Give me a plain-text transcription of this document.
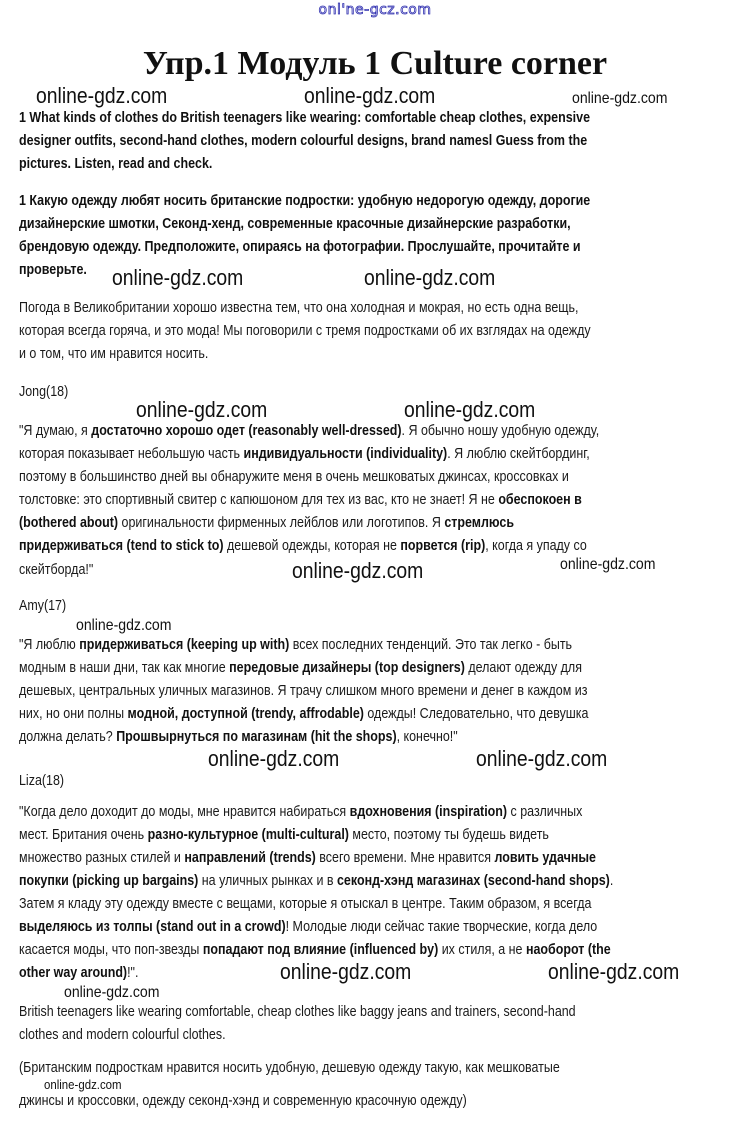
onl'ne-gcz.com
Упр.1 Модуль 1 Culture corner
online-gdz.com	online-gdz.com	online-gdz.com
1 What kinds of clothes do British teenagers like wearing: comfortable cheap clothes, expensive
designer outfits, second-hand clothes, modern colourful designs, brand namesl Guess from the
pictures. Listen, read and check.
1 Какую одежду любят носить британские подростки: удобную недорогую одежду, дорогие
дизайнерские шмотки, Секонд-хенд, современные красочные дизайнерские разработки,
брендовую одежду. Предположите, опираясь на фотографии. Прослушайте, прочитайте и
проверьте. online-gdz.com	online-gdz.com
Погода в Великобритании хорошо известна тем, что она холодная и мокрая, но есть одна вещь,
которая всегда горяча, и это мода! Мы поговорили с тремя подростками об их взглядах на одежду
и о том, что им нравится носить.
Jong(18)
online-gdz.com	online-gdz.com
"Я думаю, я достаточно хорошо одет (reasonably well-dressed). Я обычно ношу удобную одежду,
которая показывает небольшую часть индивидуальности (individuality). Я люблю скейтбординг,
поэтому в большинство дней вы обнаружите меня в очень мешковатых джинсах, кроссовках и
толстовке: это спортивный свитер с капюшоном для тех из вас, кто не знает! Я не обеспокоен в
(bothered about) оригинальности фирменных лейблов или логотипов. Я стремлюсь
придерживаться (tend to stick to) дешевой одежды, которая не порвется (rip), когда я упаду со
скейтборда!"	online-gdz.com	online-gdz.com
Amy(17)
online-gdz.com
"Я люблю придерживаться (keeping up with) всех последних тенденций. Это так легко - быть
модным в наши дни, так как многие передовые дизайнеры (top designers) делают одежду для
дешевых, центральных уличных магазинов. Я трачу слишком много времени и денег в каждом из
них, но они полны модной, доступной (trendy, affrodable) одежды! Следовательно, что девушка
должна делать? Прошвырнуться по магазинам (hit the shops), конечно!"
online-gdz.com	online-gdz.com
Liza(18)
"Когда дело доходит до моды, мне нравится набираться вдохновения (inspiration) с различных
мест. Британия очень разно-культурное (multi-cultural) место, поэтому ты будешь видеть
множество разных стилей и направлений (trends) всего времени. Мне нравится ловить удачные
покупки (picking up bargains) на уличных рынках и в секонд-хэнд магазинах (second-hand shops).
Затем я кладу эту одежду вместе с вещами, которые я отыскал в центре. Таким образом, я всегда
выделяюсь из толпы (stand out in a crowd)! Молодые люди сейчас такие творческие, когда дело
касается моды, что поп-звезды попадают под влияние (influenced by) их стиля, а не наоборот (the
other way around)!".	online-gdz.com	online-gdz.com
online-gdz.com
British teenagers like wearing comfortable, cheap clothes like baggy jeans and trainers, second-hand
clothes and modern colourful clothes.
(Британским подросткам нравится носить удобную, дешевую одежду такую, как мешковатые
online-gdz.com
джинсы и кроссовки, одежду секонд-хэнд и современную красочную одежду)
